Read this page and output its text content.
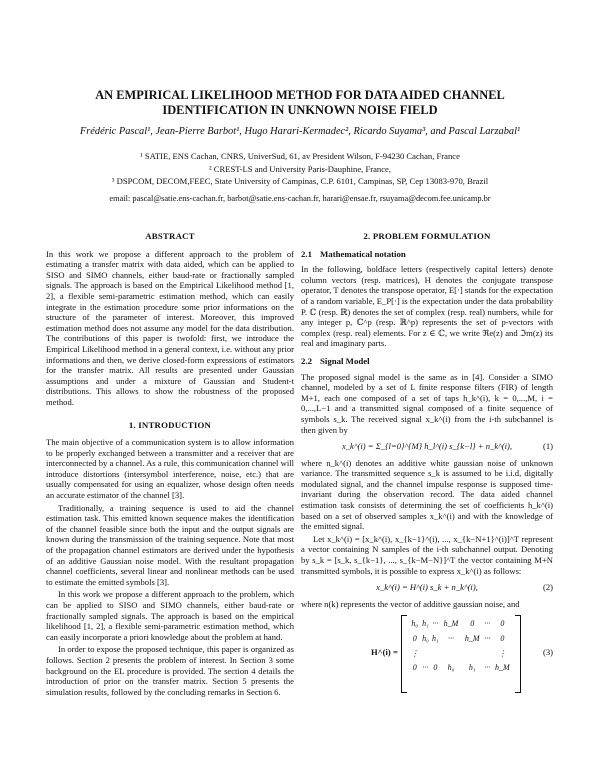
AN EMPIRICAL LIKELIHOOD METHOD FOR DATA AIDED CHANNEL
IDENTIFICATION IN UNKNOWN NOISE FIELD
Frédéric Pascal¹, Jean-Pierre Barbot¹, Hugo Harari-Kermadec², Ricardo Suyama³, and Pascal Larzabal¹
¹ SATIE, ENS Cachan, CNRS, UniverSud, 61, av President Wilson, F-94230 Cachan, France
² CREST-LS and University Paris-Dauphine, France,
³ DSPCOM, DECOM,FEEC, State University of Campinas, C.P. 6101, Campinas, SP, Cep 13083-970, Brazil
email: pascal@satie.ens-cachan.fr, barbot@satie.ens-cachan.fr, harari@ensae.fr, rsuyama@decom.fee.unicamp.br
ABSTRACT

In this work we propose a different approach to the problem of estimating a transfer matrix with data aided, which can be applied to SISO and SIMO channels, either baud-rate or fractionally sampled signals. The approach is based on the Empirical Likelihood method [1, 2], a flexible semi-parametric estimation method, which can easily integrate in the estimation procedure some prior informations on the structure of the parameter of interest. Moreover, this improved estimation method does not assume any model for the data distribution. The contributions of this paper is twofold: first, we introduce the Empirical Likelihood method in a general context, i.e. without any prior informations and then, we derive closed-form expressions of estimators for the transfer matrix. All results are presented under Gaussian assumptions and under a mixture of Gaussian and Student-t distributions. This allows to show the robustness of the proposed method.

1. INTRODUCTION

The main objective of a communication system is to allow information to be properly exchanged between a transmitter and a receiver that are interconnected by a channel. As a rule, this communication channel will introduce distortions (intersymbol interference, noise, etc.) that are usually compensated for using an equalizer, whose design often needs an accurate estimator of the channel [3].

Traditionally, a training sequence is used to aid the channel estimation task. This emitted known sequence makes the identification of the channel feasible since both the input and the output signals are known during the transmission of the training sequence. Note that most of the propagation channel estimators are derived under the hypothesis of an additive Gaussian noise model. With the resultant propagation channel coefficients, several linear and nonlinear methods can be used to estimate the emitted symbols [3].

In this work we propose a different approach to the problem, which can be applied to SISO and SIMO channels, either baud-rate or fractionally sampled signals. The approach is based on the empirical likelihood [1, 2], a flexible semi-parametric estimation method, which can easily incorporate a priori knowledge about the problem at hand.

In order to expose the proposed technique, this paper is organized as follows. Section 2 presents the problem of interest. In Section 3 some background on the EL procedure is provided. The section 4 details the introduction of prior on the transfer matrix. Section 5 presents the simulation results, followed by the concluding remarks in Section 6.

2. PROBLEM FORMULATION
2.1 Mathematical notation

In the following, boldface letters (respectively capital letters) denote column vectors (resp. matrices), H denotes the conjugate transpose operator, T denotes the transpose operator, E[·] stands for the expectation of a random variable, E_P[·] is the expectation under the data probability P. ℂ (resp. ℝ) denotes the set of complex (resp. real) numbers, while for any integer p, ℂ^p (resp. ℝ^p) represents the set of p-vectors with complex (resp. real) elements. For z ∈ ℂ, we write ℜe(z) and ℑm(z) its real and imaginary parts.

2.2 Signal Model

The proposed signal model is the same as in [4]. Consider a SIMO channel, modeled by a set of L finite response filters (FIR) of length M+1, each one composed of a set of taps h_k^(i), k = 0,...,M, i = 0,...,L−1 and a transmitted signal composed of a finite sequence of symbols s_k. The received signal x_k^(i) from the i-th subchannel is then given by

x_k^(i) = Σ_{l=0}^{M} h_l^(i) s_{k−l} + n_k^(i),	(1)

where n_k^(i) denotes an additive white gaussian noise of unknown variance. The transmitted sequence s_k is assumed to be i.i.d, digitally modulated signal, and the channel impulse response is supposed time-invariant during the observation record. The data aided channel estimation task consists of determining the set of coefficients h_k^(i) based on a set of observed samples x_k^(i) and with the knowledge of the emitted signal.

Let x_k^(i) = [x_k^(i), x_{k−1}^(i), ..., x_{k−N+1}^(i)]^T represent a vector containing N samples of the i-th subchannel output. Denoting by s_k = [s_k, s_{k−1}, ..., s_{k−M−N}]^T the vector containing M+N transmitted symbols, it is possible to express x_k^(i) as follows:

x_k^(i) = H^(i) s_k + n_k^(i),	(2)

where n(k) represents the vector of additive gaussian noise, and

H^(i) =
h₀	h₁	···	h_M	0	···	0
0	h₀	h₁	···	h_M	···	0
⋮						⋮
0	···	0	h₀	h₁	···	h_M
(3)
